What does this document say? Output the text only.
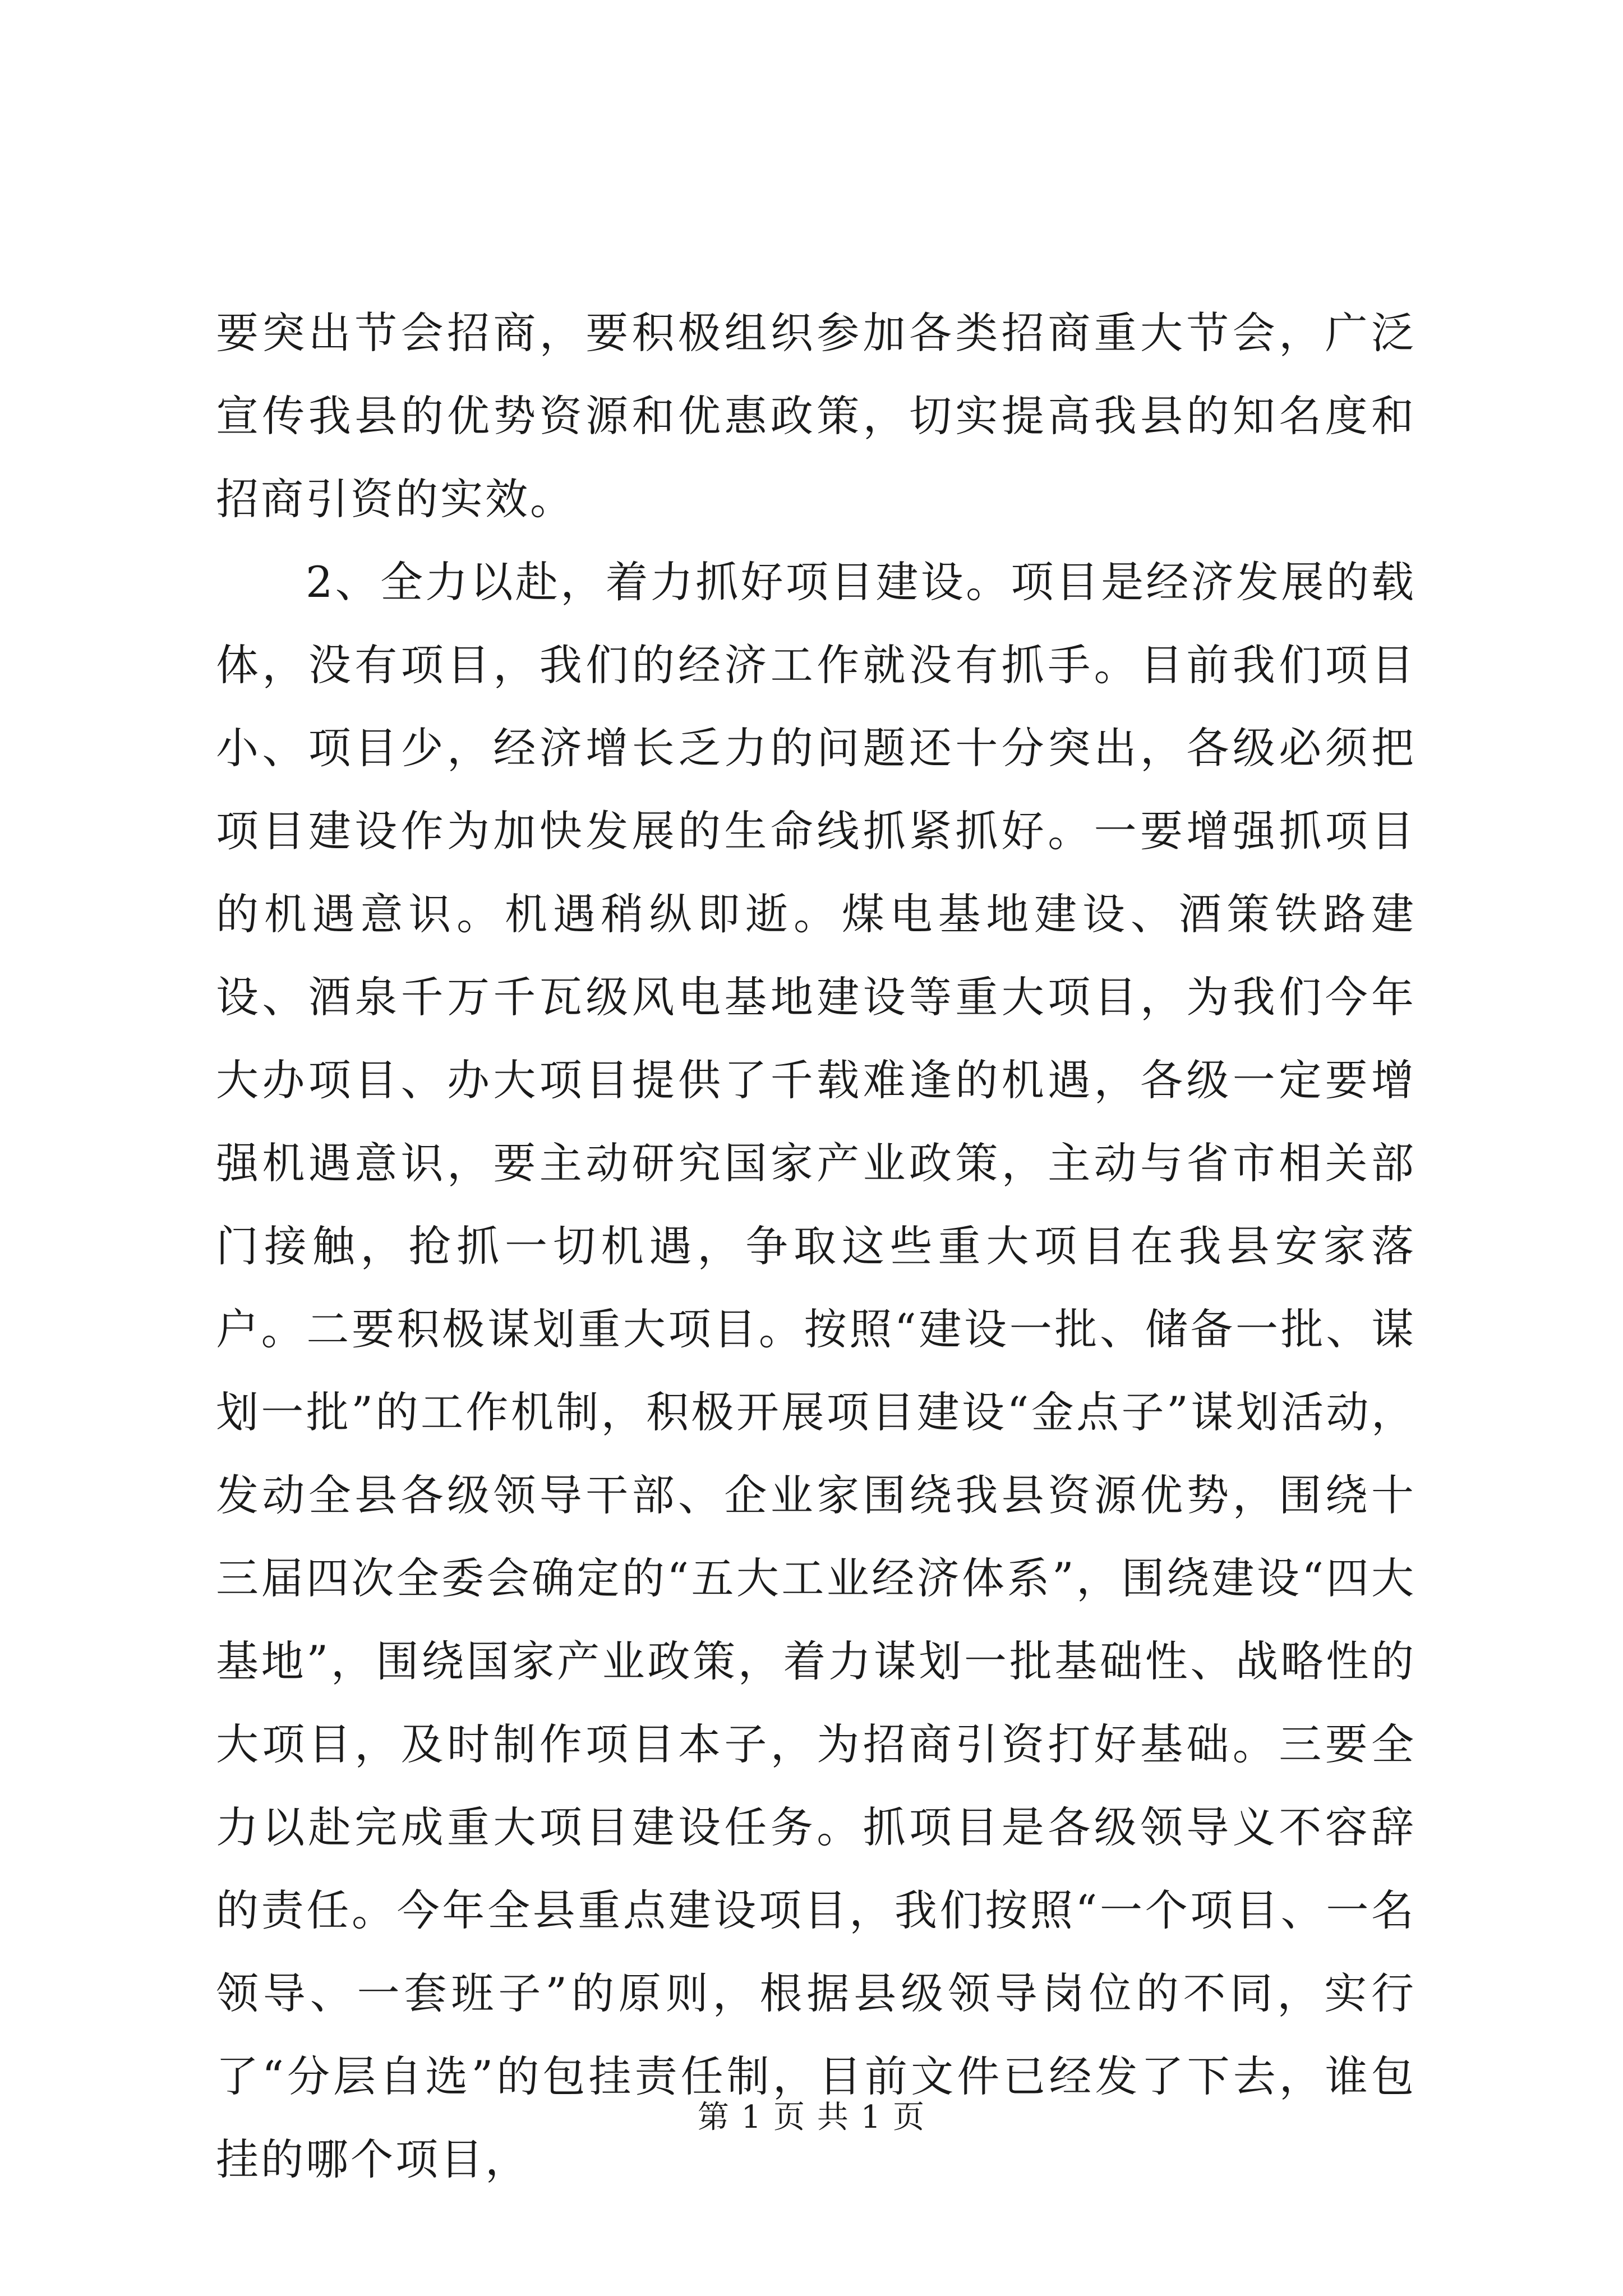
要突出节会招商，要积极组织参加各类招商重大节会，广泛宣传我县的优势资源和优惠政策，切实提高我县的知名度和招商引资的实效。

2、全力以赴，着力抓好项目建设。项目是经济发展的载体，没有项目，我们的经济工作就没有抓手。目前我们项目小、项目少，经济增长乏力的问题还十分突出，各级必须把项目建设作为加快发展的生命线抓紧抓好。一要增强抓项目的机遇意识。机遇稍纵即逝。煤电基地建设、酒策铁路建设、酒泉千万千瓦级风电基地建设等重大项目，为我们今年大办项目、办大项目提供了千载难逢的机遇，各级一定要增强机遇意识，要主动研究国家产业政策，主动与省市相关部门接触，抢抓一切机遇，争取这些重大项目在我县安家落户。二要积极谋划重大项目。按照“建设一批、储备一批、谋划一批”的工作机制，积极开展项目建设“金点子”谋划活动，发动全县各级领导干部、企业家围绕我县资源优势，围绕十三届四次全委会确定的“五大工业经济体系”，围绕建设“四大基地”，围绕国家产业政策，着力谋划一批基础性、战略性的大项目，及时制作项目本子，为招商引资打好基础。三要全力以赴完成重大项目建设任务。抓项目是各级领导义不容辞的责任。今年全县重点建设项目，我们按照“一个项目、一名领导、一套班子”的原则，根据县级领导岗位的不同，实行了“分层自选”的包挂责任制，目前文件已经发了下去，谁包挂的哪个项目，

第 1 页 共 1 页
